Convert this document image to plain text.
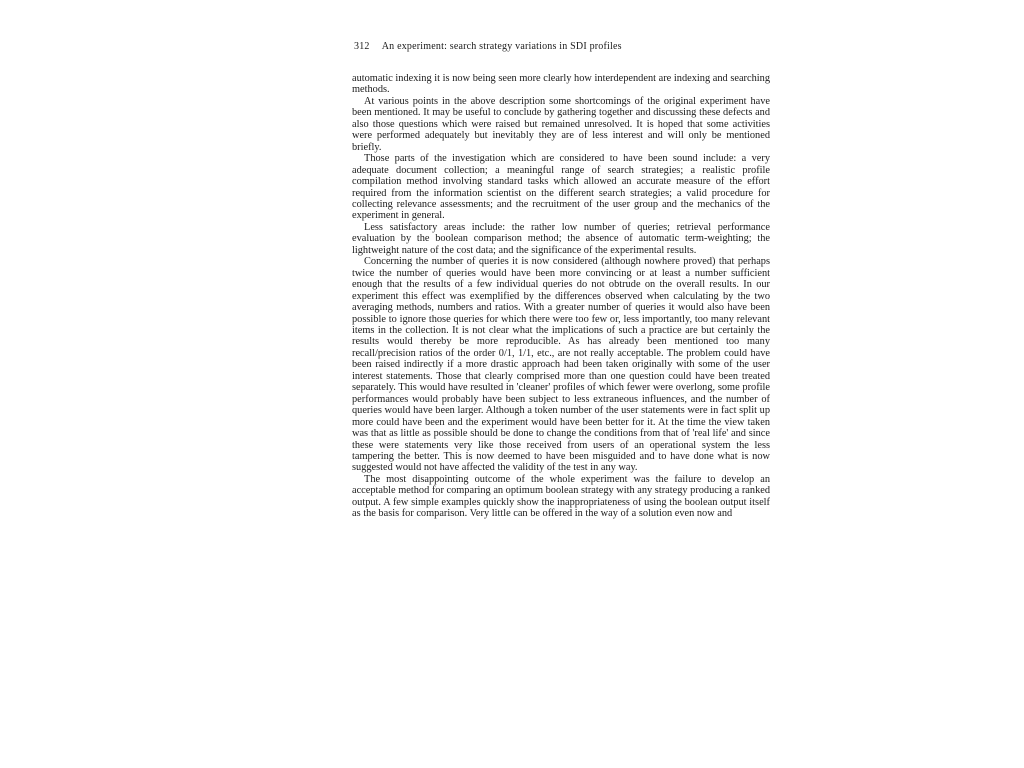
312 An experiment: search strategy variations in SDI profiles

automatic indexing it is now being seen more clearly how interdependent are indexing and searching methods.

At various points in the above description some shortcomings of the original experiment have been mentioned. It may be useful to conclude by gathering together and discussing these defects and also those questions which were raised but remained unresolved. It is hoped that some activities were performed adequately but inevitably they are of less interest and will only be mentioned briefly.

Those parts of the investigation which are considered to have been sound include: a very adequate document collection; a meaningful range of search strategies; a realistic profile compilation method involving standard tasks which allowed an accurate measure of the effort required from the information scientist on the different search strategies; a valid procedure for collecting relevance assessments; and the recruitment of the user group and the mechanics of the experiment in general.

Less satisfactory areas include: the rather low number of queries; retrieval performance evaluation by the boolean comparison method; the absence of automatic term-weighting; the lightweight nature of the cost data; and the significance of the experimental results.

Concerning the number of queries it is now considered (although nowhere proved) that perhaps twice the number of queries would have been more convincing or at least a number sufficient enough that the results of a few individual queries do not obtrude on the overall results. In our experiment this effect was exemplified by the differences observed when calculating by the two averaging methods, numbers and ratios. With a greater number of queries it would also have been possible to ignore those queries for which there were too few or, less importantly, too many relevant items in the collection. It is not clear what the implications of such a practice are but certainly the results would thereby be more reproducible. As has already been mentioned too many recall/precision ratios of the order 0/1, 1/1, etc., are not really acceptable. The problem could have been raised indirectly if a more drastic approach had been taken originally with some of the user interest statements. Those that clearly comprised more than one question could have been treated separately. This would have resulted in 'cleaner' profiles of which fewer were overlong, some profile performances would probably have been subject to less extraneous influences, and the number of queries would have been larger. Although a token number of the user statements were in fact split up more could have been and the experiment would have been better for it. At the time the view taken was that as little as possible should be done to change the conditions from that of 'real life' and since these were statements very like those received from users of an operational system the less tampering the better. This is now deemed to have been misguided and to have done what is now suggested would not have affected the validity of the test in any way.

The most disappointing outcome of the whole experiment was the failure to develop an acceptable method for comparing an optimum boolean strategy with any strategy producing a ranked output. A few simple examples quickly show the inappropriateness of using the boolean output itself as the basis for comparison. Very little can be offered in the way of a solution even now and
